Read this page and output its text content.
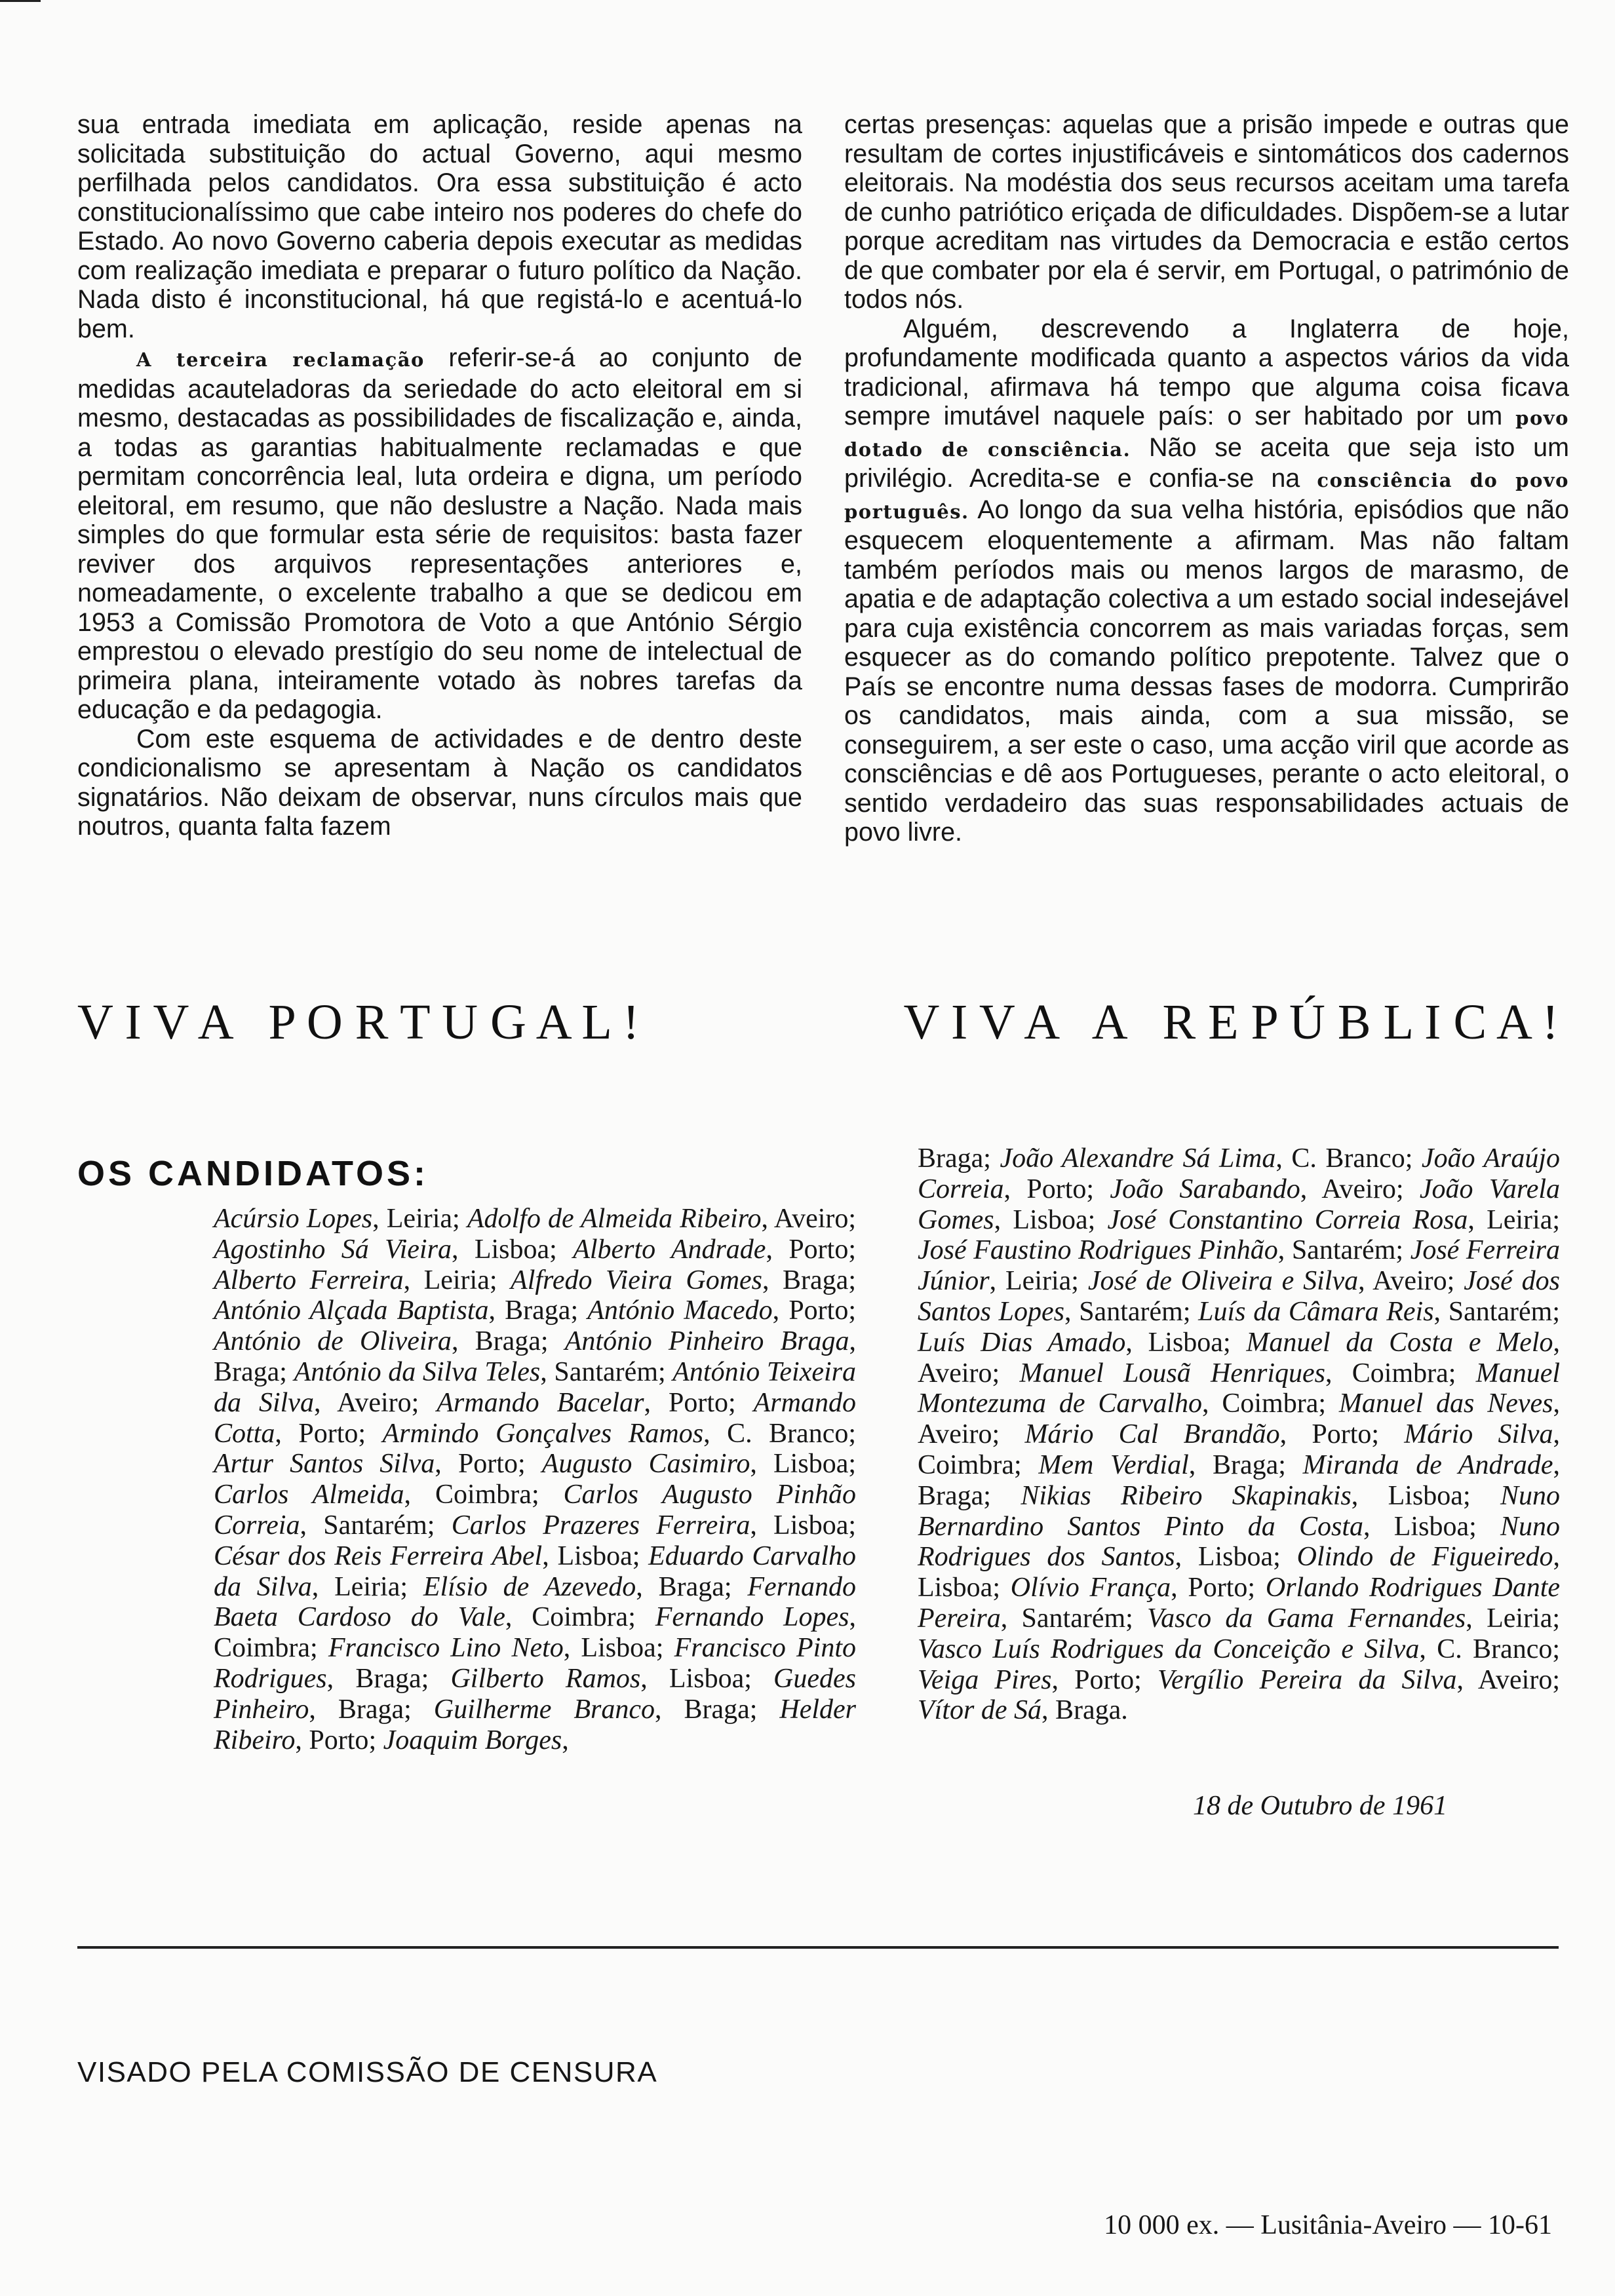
sua entrada imediata em aplicação, reside apenas na solicitada substituição do actual Governo, aqui mesmo perfilhada pelos candidatos. Ora essa substituição é acto constitucionalíssimo que cabe inteiro nos poderes do chefe do Estado. Ao novo Governo caberia depois executar as medidas com realização imediata e preparar o futuro político da Nação. Nada disto é inconstitucional, há que registá-lo e acentuá-lo bem.

A terceira reclamação referir-se-á ao conjunto de medidas acauteladoras da seriedade do acto eleitoral em si mesmo, destacadas as possibilidades de fiscalização e, ainda, a todas as garantias habitualmente reclamadas e que permitam concorrência leal, luta ordeira e digna, um período eleitoral, em resumo, que não deslustre a Nação. Nada mais simples do que formular esta série de requisitos: basta fazer reviver dos arquivos representações anteriores e, nomeadamente, o excelente trabalho a que se dedicou em 1953 a Comissão Promotora de Voto a que António Sérgio emprestou o elevado prestígio do seu nome de intelectual de primeira plana, inteiramente votado às nobres tarefas da educação e da pedagogia.

Com este esquema de actividades e de dentro deste condicionalismo se apresentam à Nação os candidatos signatários. Não deixam de observar, nuns círculos mais que noutros, quanta falta fazem

certas presenças: aquelas que a prisão impede e outras que resultam de cortes injustificáveis e sintomáticos dos cadernos eleitorais. Na modéstia dos seus recursos aceitam uma tarefa de cunho patriótico eriçada de dificuldades. Dispõem-se a lutar porque acreditam nas virtudes da Democracia e estão certos de que combater por ela é servir, em Portugal, o património de todos nós.

Alguém, descrevendo a Inglaterra de hoje, profundamente modificada quanto a aspectos vários da vida tradicional, afirmava há tempo que alguma coisa ficava sempre imutável naquele país: o ser habitado por um povo dotado de consciência. Não se aceita que seja isto um privilégio. Acredita-se e confia-se na consciência do povo português. Ao longo da sua velha história, episódios que não esquecem eloquentemente a afirmam. Mas não faltam também períodos mais ou menos largos de marasmo, de apatia e de adaptação colectiva a um estado social indesejável para cuja existência concorrem as mais variadas forças, sem esquecer as do comando político prepotente. Talvez que o País se encontre numa dessas fases de modorra. Cumprirão os candidatos, mais ainda, com a sua missão, se conseguirem, a ser este o caso, uma acção viril que acorde as consciências e dê aos Portugueses, perante o acto eleitoral, o sentido verdadeiro das suas responsabilidades actuais de povo livre.

V I V A   P O R T U G A L !	V I V A   A   R E P Ú B L I C A !
OS CANDIDATOS:
Acúrsio Lopes, Leiria; Adolfo de Almeida Ribeiro, Aveiro; Agostinho Sá Vieira, Lisboa; Alberto Andrade, Porto; Alberto Ferreira, Leiria; Alfredo Vieira Gomes, Braga; António Alçada Baptista, Braga; António Macedo, Porto; António de Oliveira, Braga; António Pinheiro Braga, Braga; António da Silva Teles, Santarém; António Teixeira da Silva, Aveiro; Armando Bacelar, Porto; Armando Cotta, Porto; Armindo Gonçalves Ramos, C. Branco; Artur Santos Silva, Porto; Augusto Casimiro, Lisboa; Carlos Almeida, Coimbra; Carlos Augusto Pinhão Correia, Santarém; Carlos Prazeres Ferreira, Lisboa; César dos Reis Ferreira Abel, Lisboa; Eduardo Carvalho da Silva, Leiria; Elísio de Azevedo, Braga; Fernando Baeta Cardoso do Vale, Coimbra; Fernando Lopes, Coimbra; Francisco Lino Neto, Lisboa; Francisco Pinto Rodrigues, Braga; Gilberto Ramos, Lisboa; Guedes Pinheiro, Braga; Guilherme Branco, Braga; Helder Ribeiro, Porto; Joaquim Borges,
Braga; João Alexandre Sá Lima, C. Branco; João Araújo Correia, Porto; João Sarabando, Aveiro; João Varela Gomes, Lisboa; José Constantino Correia Rosa, Leiria; José Faustino Rodrigues Pinhão, Santarém; José Ferreira Júnior, Leiria; José de Oliveira e Silva, Aveiro; José dos Santos Lopes, Santarém; Luís da Câmara Reis, Santarém; Luís Dias Amado, Lisboa; Manuel da Costa e Melo, Aveiro; Manuel Lousã Henriques, Coimbra; Manuel Montezuma de Carvalho, Coimbra; Manuel das Neves, Aveiro; Mário Cal Brandão, Porto; Mário Silva, Coimbra; Mem Verdial, Braga; Miranda de Andrade, Braga; Nikias Ribeiro Skapinakis, Lisboa; Nuno Bernardino Santos Pinto da Costa, Lisboa; Nuno Rodrigues dos Santos, Lisboa; Olindo de Figueiredo, Lisboa; Olívio França, Porto; Orlando Rodrigues Dante Pereira, Santarém; Vasco da Gama Fernandes, Leiria; Vasco Luís Rodrigues da Conceição e Silva, C. Branco; Veiga Pires, Porto; Vergílio Pereira da Silva, Aveiro; Vítor de Sá, Braga.
18 de Outubro de 1961
VISADO PELA COMISSÃO DE CENSURA
10 000 ex. — Lusitânia-Aveiro — 10-61
